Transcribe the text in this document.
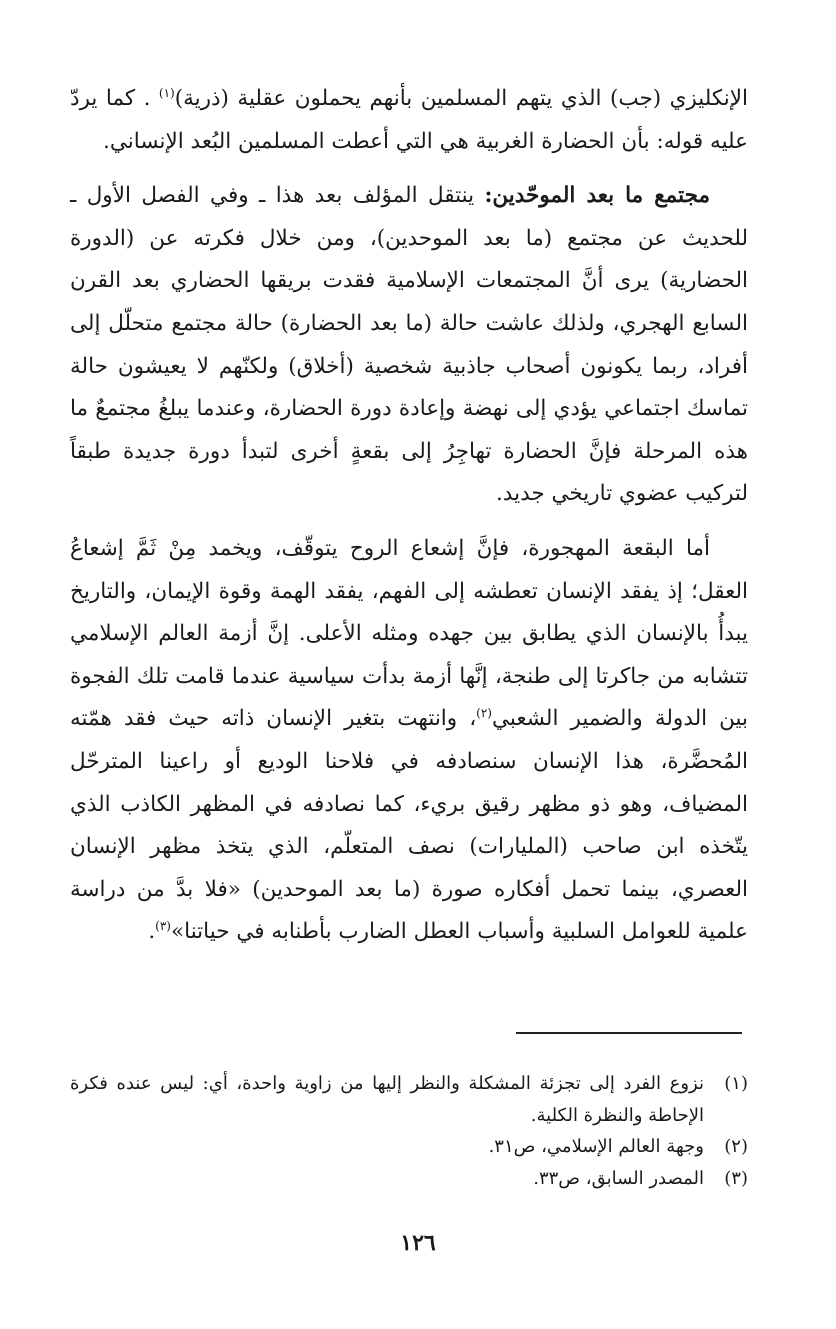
الإنكليزي (جب) الذي يتهم المسلمين بأنهم يحملون عقلية (ذرية)$^{(١)}$ . كما يردّ عليه قوله: بأن الحضارة الغربية هي التي أعطت المسلمين البُعد الإنساني.

مجتمع ما بعد الموحّدين: ينتقل المؤلف بعد هذا ـ وفي الفصل الأول ـ للحديث عن مجتمع (ما بعد الموحدين)، ومن خلال فكرته عن (الدورة الحضارية) يرى أنَّ المجتمعات الإسلامية فقدت بريقها الحضاري بعد القرن السابع الهجري، ولذلك عاشت حالة (ما بعد الحضارة) حالة مجتمع متحلّل إلى أفراد، ربما يكونون أصحاب جاذبية شخصية (أخلاق) ولكنّهم لا يعيشون حالة تماسك اجتماعي يؤدي إلى نهضة وإعادة دورة الحضارة، وعندما يبلغُ مجتمعٌ ما هذه المرحلة فإنَّ الحضارة تهاجِرُ إلى بقعةٍ أخرى لتبدأ دورة جديدة طبقاً لتركيب عضوي تاريخي جديد.

أما البقعة المهجورة، فإنَّ إشعاع الروح يتوقّف، ويخمد مِنْ ثَمَّ إشعاعُ العقل؛ إذ يفقد الإنسان تعطشه إلى الفهم، يفقد الهمة وقوة الإيمان، والتاريخ يبدأُ بالإنسان الذي يطابق بين جهده ومثله الأعلى. إنَّ أزمة العالم الإسلامي تتشابه من جاكرتا إلى طنجة، إنَّها أزمة بدأت سياسية عندما قامت تلك الفجوة بين الدولة والضمير الشعبي$^{(٢)}$، وانتهت بتغير الإنسان ذاته حيث فقد همّته المُحضَّرة، هذا الإنسان سنصادفه في فلاحنا الوديع أو راعينا المترحّل المضياف، وهو ذو مظهر رقيق بريء، كما نصادفه في المظهر الكاذب الذي يتّخذه ابن صاحب (المليارات) نصف المتعلّم، الذي يتخذ مظهر الإنسان العصري، بينما تحمل أفكاره صورة (ما بعد الموحدين) «فلا بدَّ من دراسة علمية للعوامل السلبية وأسباب العطل الضارب بأطنابه في حياتنا»$^{(٣)}$.

(١)
نزوع الفرد إلى تجزئة المشكلة والنظر إليها من زاوية واحدة، أي: ليس عنده فكرة الإحاطة والنظرة الكلية.
(٢)
وجهة العالم الإسلامي، ص٣١.
(٣)
المصدر السابق، ص٣٣.
١٢٦
